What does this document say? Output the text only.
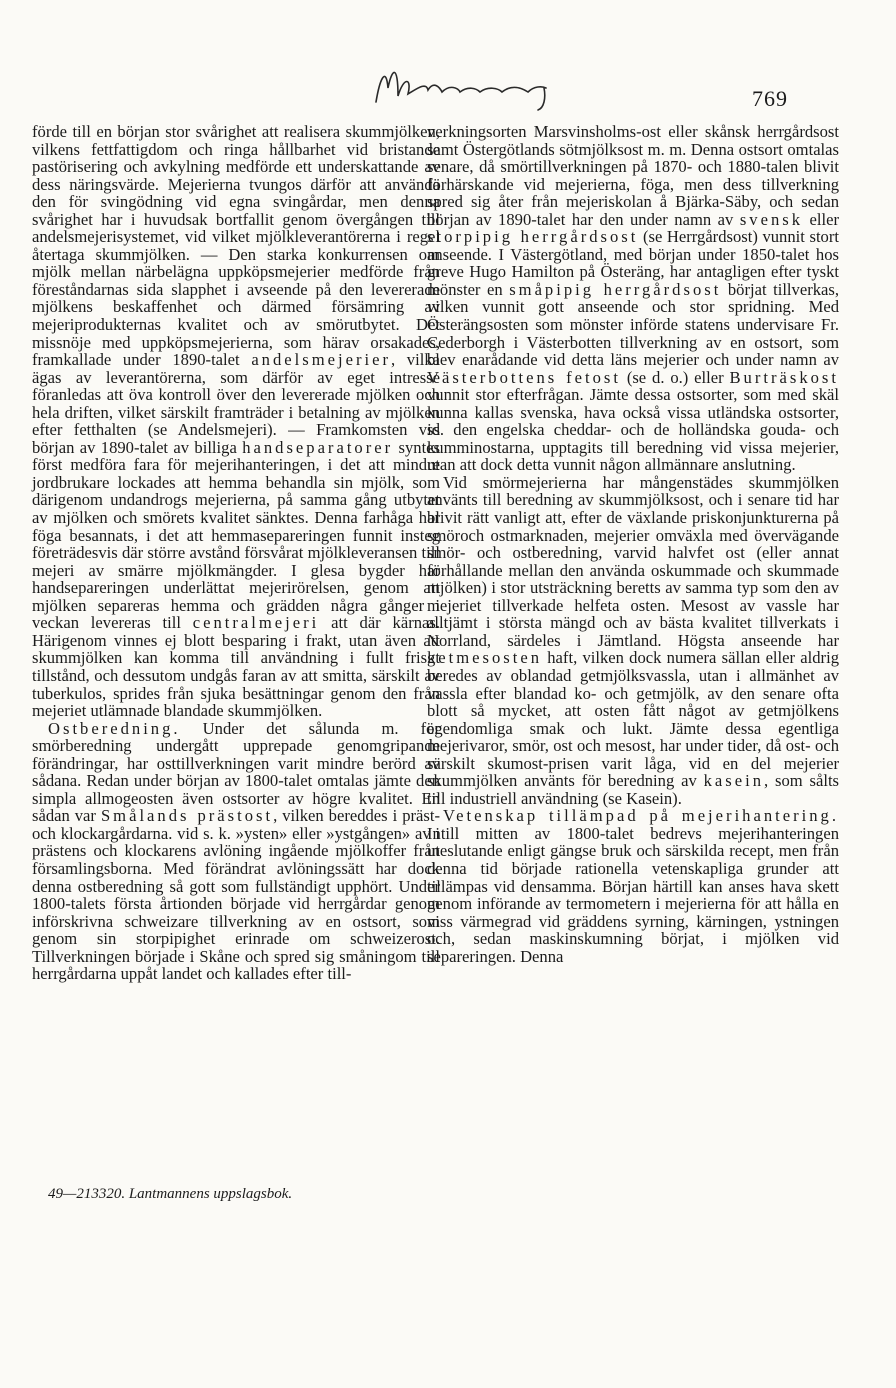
Mejerihantering
769

förde till en början stor svårighet att realisera skummjölken, vilkens fettfattigdom och ringa hållbarhet vid bristande pastörisering och avkylning medförde ett underskattande av dess näringsvärde. Mejerierna tvungos därför att använda den för svingödning vid egna svingårdar, men denna svårighet har i huvudsak bortfallit genom övergången till andelsmejerisystemet, vid vilket mjölkleverantörerna i regel återtaga skummjölken. — Den starka konkurrensen om mjölk mellan närbelägna uppköpsmejerier medförde från föreståndarnas sida slapphet i avseende på den levererade mjölkens beskaffenhet och därmed försämring av mejeriprodukternas kvalitet och av smörutbytet. Det missnöje med uppköpsmejerierna, som härav orsakades, framkallade under 1890-talet andelsmejerier, vilka ägas av leverantörerna, som därför av eget intresse föranledas att öva kontroll över den levererade mjölken och hela driften, vilket särskilt framträder i betalning av mjölken efter fetthalten (se Andelsmejeri). — Framkomsten vid början av 1890-talet av billiga handseparatorer syntes först medföra fara för mejerihanteringen, i det att mindre jordbrukare lockades att hemma behandla sin mjölk, som därigenom undandrogs mejerierna, på samma gång utbytet av mjölken och smörets kvalitet sänktes. Denna farhåga har föga besannats, i det att hemmasepareringen funnit insteg företrädesvis där större avstånd försvårat mjölkleveransen till mejeri av smärre mjölkmängder. I glesa bygder har handsepareringen underlättat mejerirörelsen, genom att mjölken separeras hemma och grädden några gånger i veckan levereras till centralmejeri att där kärnas. Härigenom vinnes ej blott besparing i frakt, utan även att skummjölken kan komma till användning i fullt friskt tillstånd, och dessutom undgås faran av att smitta, särskilt av tuberkulos, sprides från sjuka besättningar genom den från mejeriet utlämnade blandade skummjölken.

Ostberedning. Under det sålunda m. för smörberedning undergått upprepade genomgripande förändringar, har osttillverkningen varit mindre berörd av sådana. Redan under början av 1800-talet omtalas jämte den simpla allmogeosten även ostsorter av högre kvalitet. En sådan var Smålands prästost, vilken bereddes i präst- och klockargårdarna. vid s. k. »ysten» eller »ystgången» av i prästens och klockarens avlöning ingående mjölkoffer från församlingsborna. Med förändrat avlöningssätt har dock denna ostberedning så gott som fullständigt upphört. Under 1800-talets första årtionden började vid herrgårdar genom införskrivna schweizare tillverkning av en ostsort, som genom sin storpipighet erinrade om schweizerost. Tillverkningen började i Skåne och spred sig småningom till herrgårdarna uppåt landet och kallades efter till-

verkningsorten Marsvinsholms-ost eller skånsk herrgårdsost samt Östergötlands sötmjölksost m. m. Denna ostsort omtalas senare, då smörtillverkningen på 1870- och 1880-talen blivit förhärskande vid mejerierna, föga, men dess tillverkning spred sig åter från mejeriskolan å Bjärka-Säby, och sedan början av 1890-talet har den under namn av svensk eller storpipig herrgårdsost (se Herrgårdsost) vunnit stort anseende. I Västergötland, med början under 1850-talet hos greve Hugo Hamilton på Österäng, har antagligen efter tyskt mönster en småpipig herrgårdsost börjat tillverkas, vilken vunnit gott anseende och stor spridning. Med Österängsosten som mönster införde statens undervisare Fr. Cederborgh i Västerbotten tillverkning av en ostsort, som blev enarådande vid detta läns mejerier och under namn av Västerbottens fetost (se d. o.) eller Burträskost vunnit stor efterfrågan. Jämte dessa ostsorter, som med skäl kunna kallas svenska, hava också vissa utländska ostsorter, ss. den engelska cheddar- och de holländska gouda- och kumminostarna, upptagits till beredning vid vissa mejerier, utan att dock detta vunnit någon allmännare anslutning.

Vid smörmejerierna har mångenstädes skummjölken använts till beredning av skummjölksost, och i senare tid har blivit rätt vanligt att, efter de växlande priskonjunkturerna på smöroch ostmarknaden, mejerier omväxla med övervägande smör- och ostberedning, varvid halvfet ost (eller annat förhållande mellan den använda oskummade och skummade mjölken) i stor utsträckning beretts av samma typ som den av mejeriet tillverkade helfeta osten. Mesost av vassle har alltjämt i största mängd och av bästa kvalitet tillverkats i Norrland, särdeles i Jämtland. Högsta anseende har getmesosten haft, vilken dock numera sällan eller aldrig beredes av oblandad getmjölksvassla, utan i allmänhet av vassla efter blandad ko- och getmjölk, av den senare ofta blott så mycket, att osten fått något av getmjölkens egendomliga smak och lukt. Jämte dessa egentliga mejerivaror, smör, ost och mesost, har under tider, då ost- och särskilt skumost-prisen varit låga, vid en del mejerier skummjölken använts för beredning av kasein, som sålts till industriell användning (se Kasein).

Vetenskap tillämpad på mejerihantering. Intill mitten av 1800-talet bedrevs mejerihanteringen uteslutande enligt gängse bruk och särskilda recept, men från denna tid började rationella vetenskapliga grunder att tillämpas vid densamma. Början härtill kan anses hava skett genom införande av termometern i mejerierna för att hålla en viss värmegrad vid gräddens syrning, kärningen, ystningen och, sedan maskinskumning börjat, i mjölken vid separeringen. Denna

49—213320. Lantmannens uppslagsbok.
